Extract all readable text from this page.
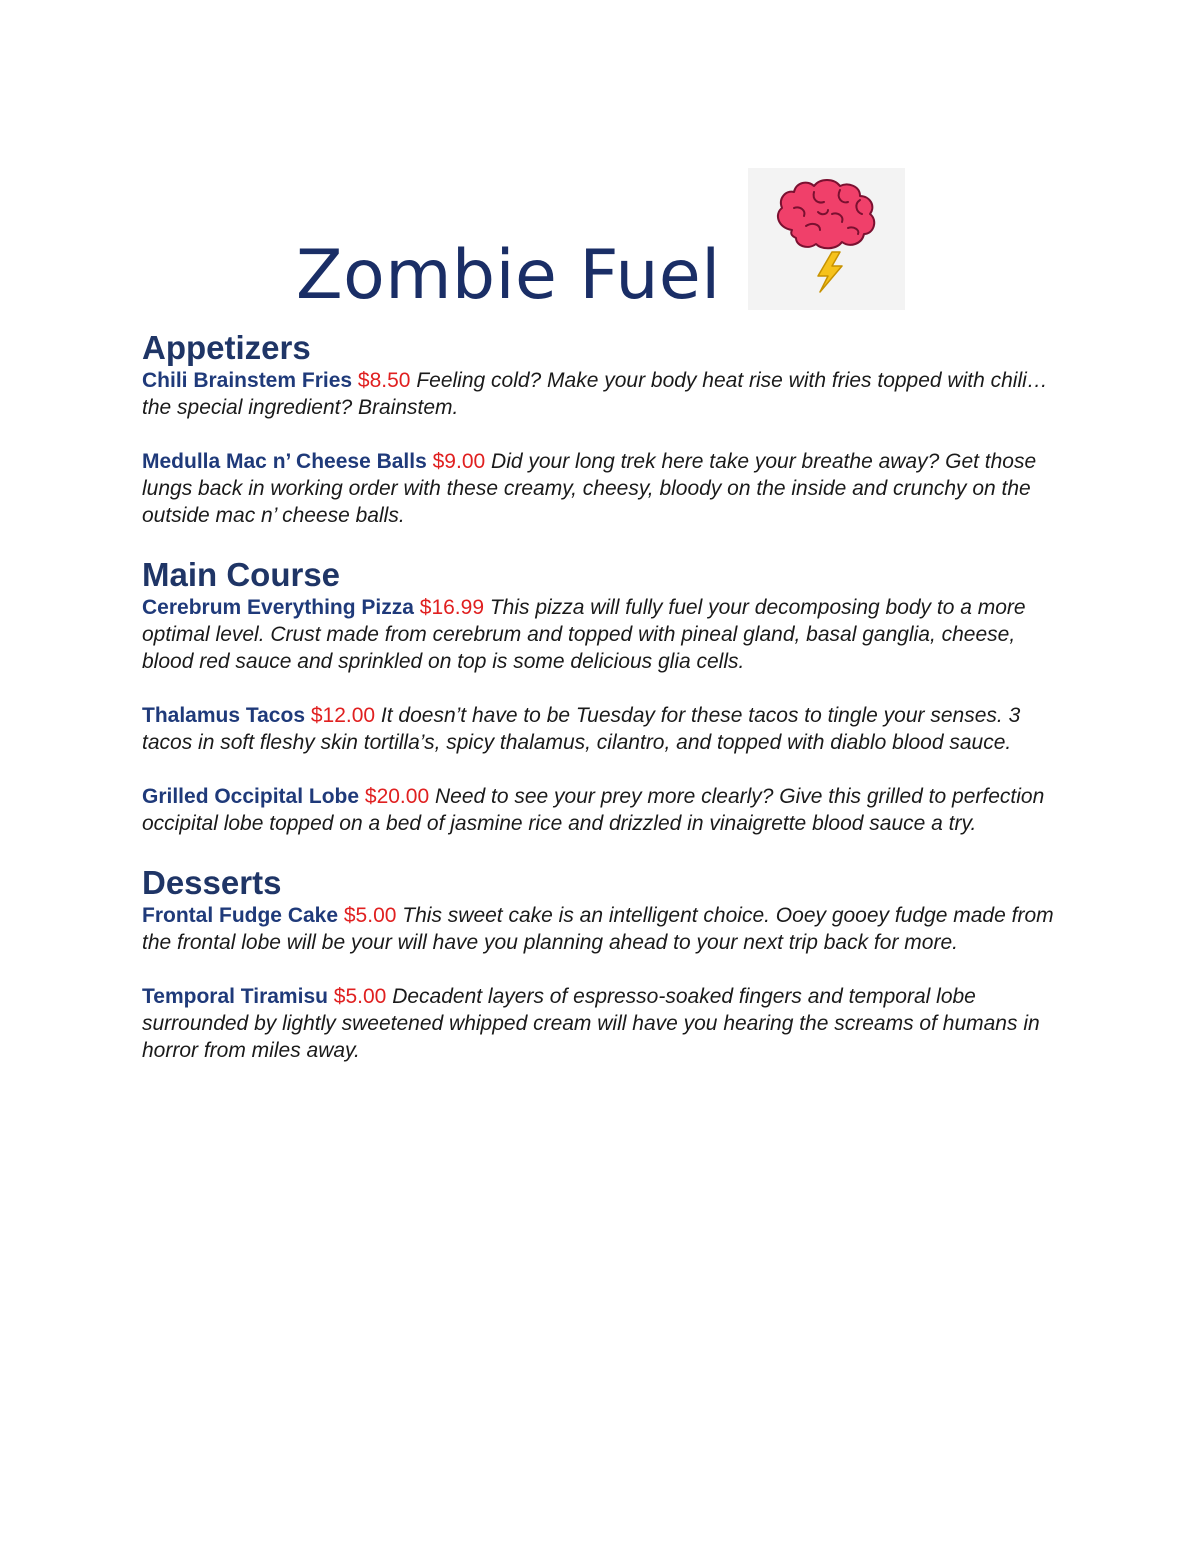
Zombie Fuel
Appetizers

Chili Brainstem Fries $8.50 Feeling cold? Make your body heat rise with fries topped with chili… the special ingredient? Brainstem.

Medulla Mac n’ Cheese Balls $9.00 Did your long trek here take your breathe away? Get those lungs back in working order with these creamy, cheesy, bloody on the inside and crunchy on the outside mac n’ cheese balls.

Main Course

Cerebrum Everything Pizza $16.99 This pizza will fully fuel your decomposing body to a more optimal level. Crust made from cerebrum and topped with pineal gland, basal ganglia, cheese, blood red sauce and sprinkled on top is some delicious glia cells.

Thalamus Tacos $12.00 It doesn’t have to be Tuesday for these tacos to tingle your senses. 3 tacos in soft fleshy skin tortilla’s, spicy thalamus, cilantro, and topped with diablo blood sauce.

Grilled Occipital Lobe $20.00 Need to see your prey more clearly? Give this grilled to perfection occipital lobe topped on a bed of jasmine rice and drizzled in vinaigrette blood sauce a try.

Desserts

Frontal Fudge Cake $5.00 This sweet cake is an intelligent choice. Ooey gooey fudge made from the frontal lobe will be your will have you planning ahead to your next trip back for more.

Temporal Tiramisu $5.00 Decadent layers of espresso-soaked fingers and temporal lobe surrounded by lightly sweetened whipped cream will have you hearing the screams of humans in horror from miles away.
